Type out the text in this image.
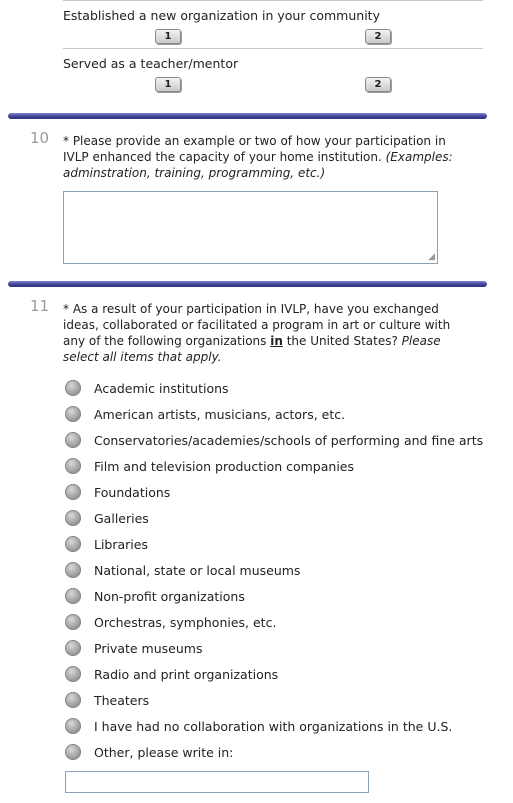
Established a new organization in your community
1	2
Served as a teacher/mentor
1	2
10 * Please provide an example or two of how your participation in IVLP enhanced the capacity of your home institution. (Examples: adminstration, training, programming, etc.)
◢
11 * As a result of your participation in IVLP, have you exchanged ideas, collaborated or facilitated a program in art or culture with any of the following organizations in the United States? Please select all items that apply.
Academic institutions
American artists, musicians, actors, etc.
Conservatories/academies/schools of performing and fine arts
Film and television production companies
Foundations
Galleries
Libraries
National, state or local museums
Non-profit organizations
Orchestras, symphonies, etc.
Private museums
Radio and print organizations
Theaters
I have had no collaboration with organizations in the U.S.
Other, please write in:
